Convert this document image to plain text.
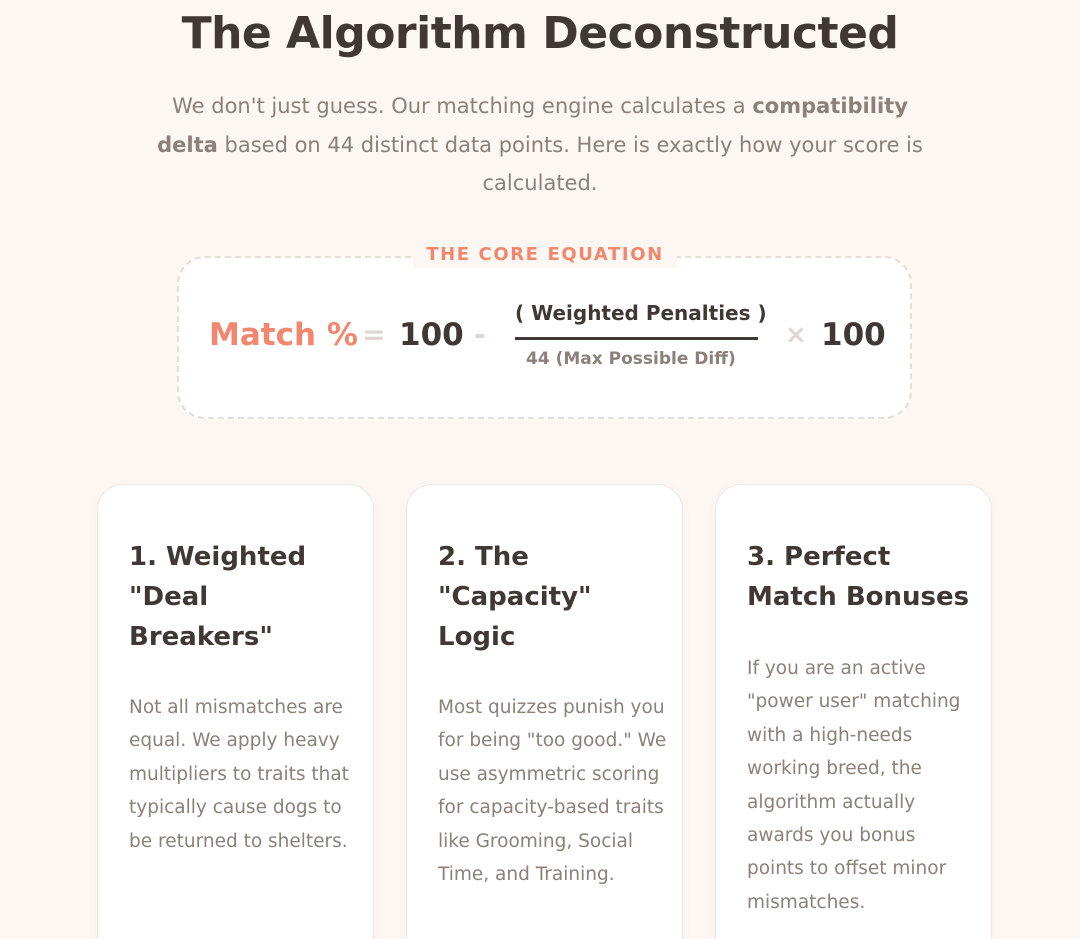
The Algorithm Deconstructed

We don't just guess. Our matching engine calculates a compatibility delta based on 44 distinct data points. Here is exactly how your score is calculated.

THE CORE EQUATION
Match % = 100 -
( Weighted Penalties )
44 (Max Possible Diff)
× 100
1. Weighted "Deal Breakers"

Not all mismatches are equal. We apply heavy multipliers to traits that typically cause dogs to be returned to shelters.

2. The "Capacity" Logic

Most quizzes punish you for being "too good." We use asymmetric scoring for capacity-based traits like Grooming, Social Time, and Training.

3. Perfect Match Bonuses

If you are an active "power user" matching with a high-needs working breed, the algorithm actually awards you bonus points to offset minor mismatches.
